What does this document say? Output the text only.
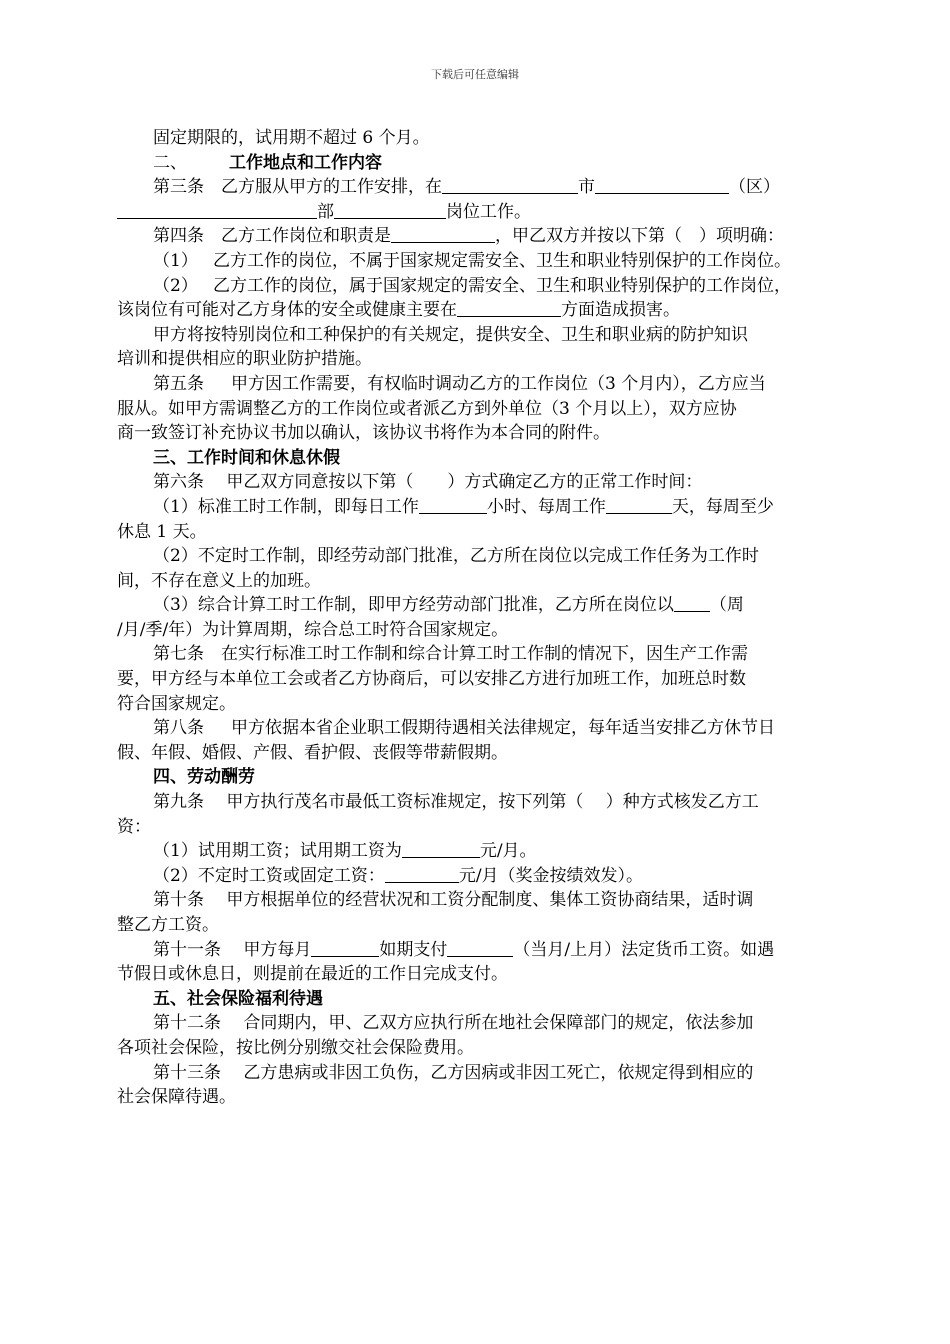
下载后可任意编辑

固定期限的，试用期不超过 6 个月。

二、 工作地点和工作内容

第三条　乙方服从甲方的工作安排，在	市	（区）

部	岗位工作。

第四条　乙方工作岗位和职责是	，甲乙双方并按以下第（　）项明确：

（1） 乙方工作的岗位，不属于国家规定需安全、卫生和职业特别保护的工作岗位。
（2） 乙方工作的岗位，属于国家规定的需安全、卫生和职业特别保护的工作岗位，

该岗位有可能对乙方身体的安全或健康主要在	方面造成损害。

甲方将按特别岗位和工种保护的有关规定，提供安全、卫生和职业病的防护知识

培训和提供相应的职业防护措施。

第五条	甲方因工作需要，有权临时调动乙方的工作岗位（3 个月内），乙方应当

服从。如甲方需调整乙方的工作岗位或者派乙方到外单位（3 个月以上），双方应协

商一致签订补充协议书加以确认，该协议书将作为本合同的附件。

三、工作时间和休息休假

第六条　 甲乙双方同意按以下第（　　）方式确定乙方的正常工作时间：

（1）标准工时工作制，即每日工作	小时、每周工作	天，每周至少

休息 1 天。

（2）不定时工作制，即经劳动部门批准，乙方所在岗位以完成工作任务为工作时

间，不存在意义上的加班。

（3）综合计算工时工作制，即甲方经劳动部门批准，乙方所在岗位以 （周

/月/季/年）为计算周期，综合总工时符合国家规定。

第七条　在实行标准工时工作制和综合计算工时工作制的情况下，因生产工作需

要，甲方经与本单位工会或者乙方协商后，可以安排乙方进行加班工作，加班总时数

符合国家规定。

第八条	甲方依据本省企业职工假期待遇相关法律规定，每年适当安排乙方休节日

假、年假、婚假、产假、看护假、丧假等带薪假期。

四、劳动酬劳

第九条　 甲方执行茂名市最低工资标准规定，按下列第（　 ）种方式核发乙方工

资：

（1）试用期工资；试用期工资为	元/月。

（2）不定时工资或固定工资：	元/月（奖金按绩效发）。

第十条　 甲方根据单位的经营状况和工资分配制度、集体工资协商结果，适时调

整乙方工资。

第十一条　 甲方每月	如期支付	（当月/上月）法定货币工资。如遇

节假日或休息日，则提前在最近的工作日完成支付。

五、社会保险福利待遇

第十二条　 合同期内，甲、乙双方应执行所在地社会保障部门的规定，依法参加

各项社会保险，按比例分别缴交社会保险费用。

第十三条　 乙方患病或非因工负伤，乙方因病或非因工死亡，依规定得到相应的

社会保障待遇。
